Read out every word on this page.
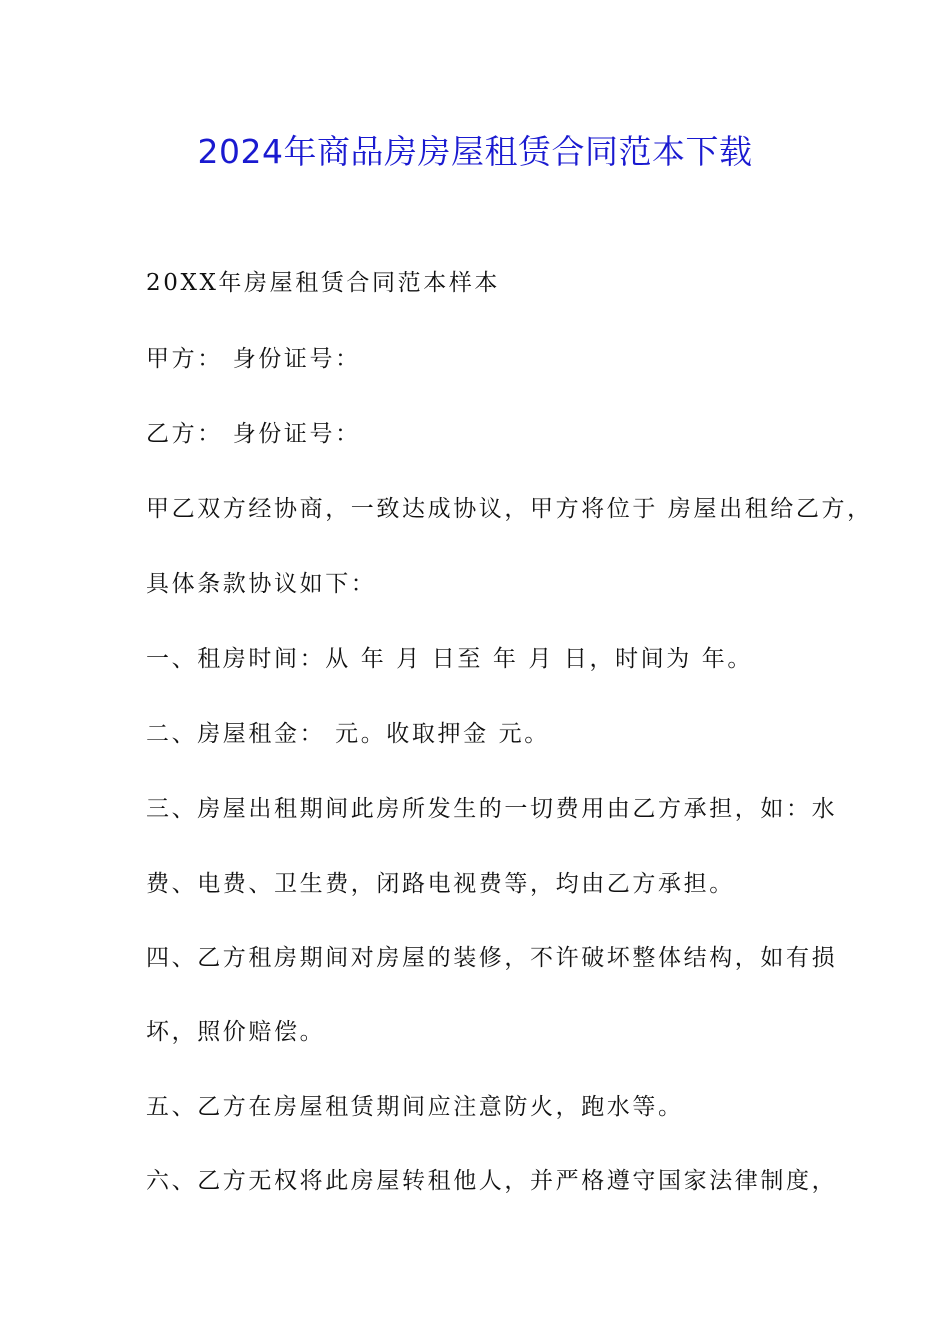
2024年商品房房屋租赁合同范本下载
20XX年房屋租赁合同范本样本
甲方： 身份证号：
乙方： 身份证号：
甲乙双方经协商，一致达成协议，甲方将位于 房屋出租给乙方，
具体条款协议如下：
一、租房时间：从 年 月 日至 年 月 日，时间为 年。
二、房屋租金： 元。收取押金 元。
三、房屋出租期间此房所发生的一切费用由乙方承担，如：水
费、电费、卫生费，闭路电视费等，均由乙方承担。
四、乙方租房期间对房屋的装修，不许破坏整体结构，如有损
坏，照价赔偿。
五、乙方在房屋租赁期间应注意防火，跑水等。
六、乙方无权将此房屋转租他人，并严格遵守国家法律制度，
